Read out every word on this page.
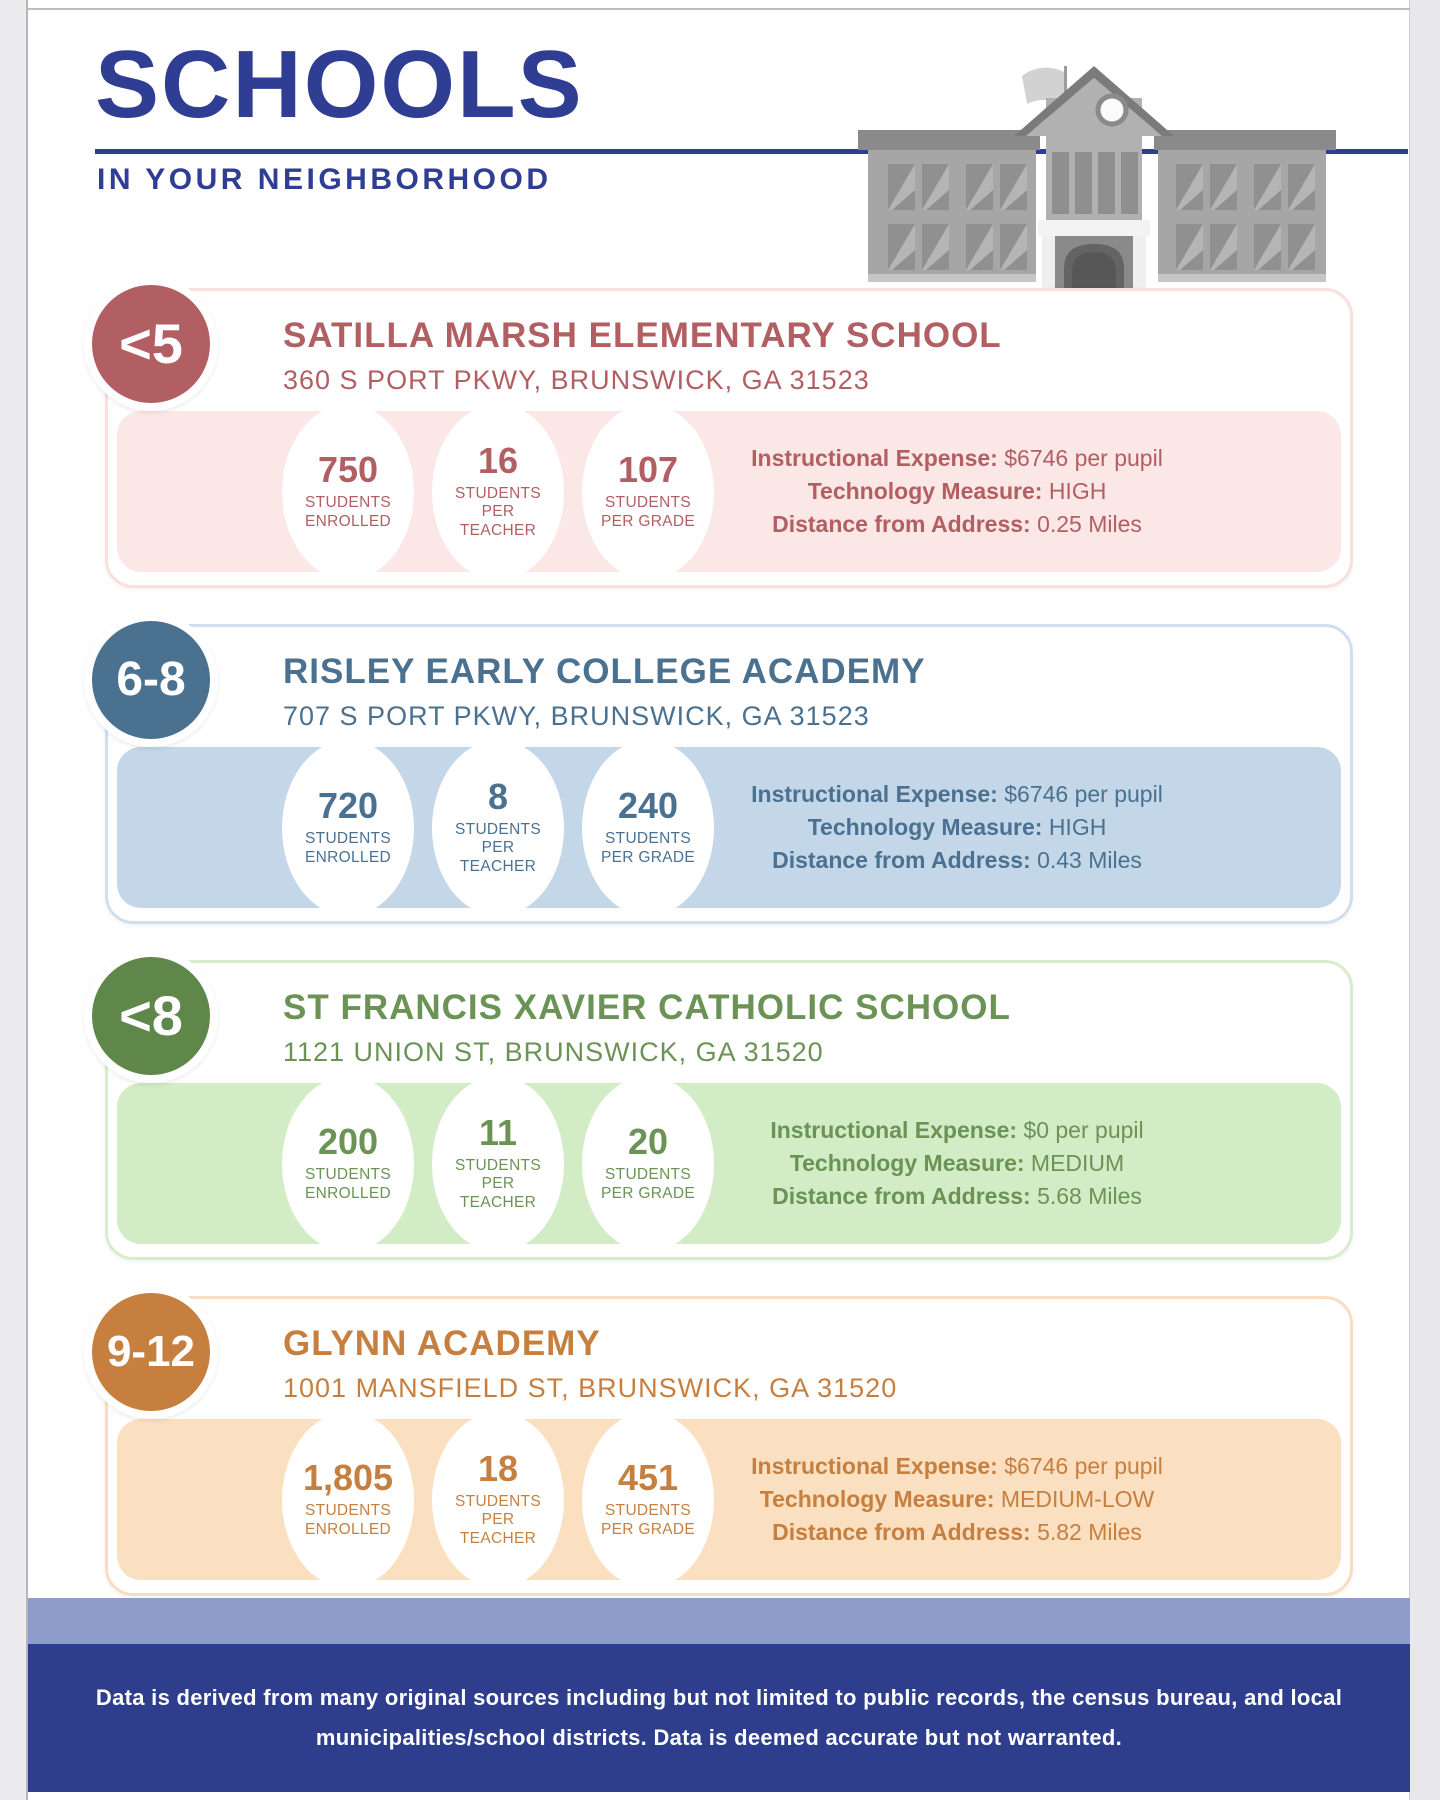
SCHOOLS
IN YOUR NEIGHBORHOOD
<5	SATILLA MARSH ELEMENTARY SCHOOL
360 S PORT PKWY, BRUNSWICK, GA 31523
750
STUDENTS ENROLLED
16
STUDENTS PER TEACHER
107
STUDENTS PER GRADE
Instructional Expense: $6746 per pupil
Technology Measure: HIGH
Distance from Address: 0.25 Miles
6-8	RISLEY EARLY COLLEGE ACADEMY
707 S PORT PKWY, BRUNSWICK, GA 31523
720
STUDENTS ENROLLED
8
STUDENTS PER TEACHER
240
STUDENTS PER GRADE
Instructional Expense: $6746 per pupil
Technology Measure: HIGH
Distance from Address: 0.43 Miles
<8	ST FRANCIS XAVIER CATHOLIC SCHOOL
1121 UNION ST, BRUNSWICK, GA 31520
200
STUDENTS ENROLLED
11
STUDENTS PER TEACHER
20
STUDENTS PER GRADE
Instructional Expense: $0 per pupil
Technology Measure: MEDIUM
Distance from Address: 5.68 Miles
9-12	GLYNN ACADEMY
1001 MANSFIELD ST, BRUNSWICK, GA 31520
1,805
STUDENTS ENROLLED
18
STUDENTS PER TEACHER
451
STUDENTS PER GRADE
Instructional Expense: $6746 per pupil
Technology Measure: MEDIUM-LOW
Distance from Address: 5.82 Miles
Data is derived from many original sources including but not limited to public records, the census bureau, and local
municipalities/school districts. Data is deemed accurate but not warranted.
